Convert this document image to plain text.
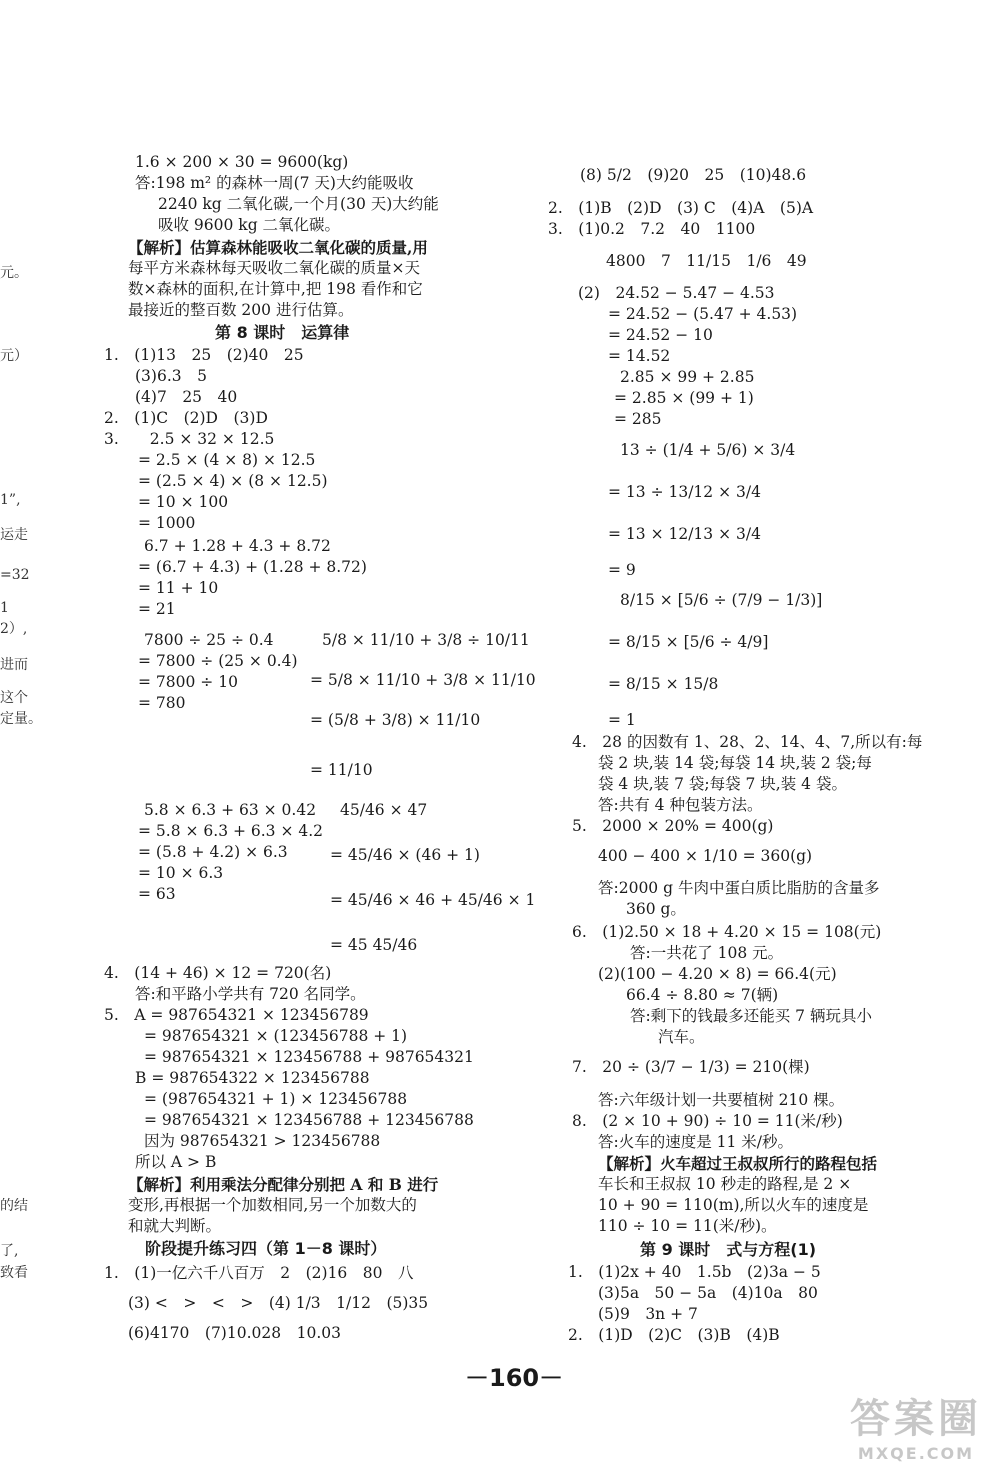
元。
元）
1”,
运走
=32
1
2）,
进而
这个
定量。
的结
了,
致看
1.6 × 200 × 30 = 9600(kg)
答:198 m² 的森林一周(7 天)大约能吸收
2240 kg 二氧化碳,一个月(30 天)大约能
吸收 9600 kg 二氧化碳。
【解析】估算森林能吸收二氧化碳的质量,用
每平方米森林每天吸收二氧化碳的质量×天
数×森林的面积,在计算中,把 198 看作和它
最接近的整百数 200 进行估算。
第 8 课时　运算律
1.　(1)13　25　(2)40　25
(3)6.3　5
(4)7　25　40
2.　(1)C　(2)D　(3)D
3.　　2.5 × 32 × 12.5
= 2.5 × (4 × 8) × 12.5
= (2.5 × 4) × (8 × 12.5)
= 10 × 100
= 1000
6.7 + 1.28 + 4.3 + 8.72
= (6.7 + 4.3) + (1.28 + 8.72)
= 11 + 10
= 21
7800 ÷ 25 ÷ 0.4
= 7800 ÷ (25 × 0.4)
= 7800 ÷ 10
= 780
5/8 × 11/10 + 3/8 ÷ 10/11
= 5/8 × 11/10 + 3/8 × 11/10
= (5/8 + 3/8) × 11/10
= 11/10
5.8 × 6.3 + 63 × 0.42
= 5.8 × 6.3 + 6.3 × 4.2
= (5.8 + 4.2) × 6.3
= 10 × 6.3
= 63
45/46 × 47
= 45/46 × (46 + 1)
= 45/46 × 46 + 45/46 × 1
= 45 45/46
4.　(14 + 46) × 12 = 720(名)
答:和平路小学共有 720 名同学。
5.　A = 987654321 × 123456789
= 987654321 × (123456788 + 1)
= 987654321 × 123456788 + 987654321
B = 987654322 × 123456788
= (987654321 + 1) × 123456788
= 987654321 × 123456788 + 123456788
因为 987654321 > 123456788
所以 A > B
【解析】利用乘法分配律分别把 A 和 B 进行
变形,再根据一个加数相同,另一个加数大的
和就大判断。
阶段提升练习四（第 1－8 课时）
1.　(1)一亿六千八百万　2　(2)16　80　八
(3) <　>　<　>　(4) 1/3　1/12　(5)35
(6)4170　(7)10.028　10.03
(8) 5/2　(9)20　25　(10)48.6
2.　(1)B　(2)D　(3) C　(4)A　(5)A
3.　(1)0.2　7.2　40　1100
4800　7　11/15　1/6　49
(2)　24.52 − 5.47 − 4.53
= 24.52 − (5.47 + 4.53)
= 24.52 − 10
= 14.52
2.85 × 99 + 2.85
= 2.85 × (99 + 1)
= 285
13 ÷ (1/4 + 5/6) × 3/4
= 13 ÷ 13/12 × 3/4
= 13 × 12/13 × 3/4
= 9
8/15 × [5/6 ÷ (7/9 − 1/3)]
= 8/15 × [5/6 ÷ 4/9]
= 8/15 × 15/8
= 1
4.　28 的因数有 1、28、2、14、4、7,所以有:每
袋 2 块,装 14 袋;每袋 14 块,装 2 袋;每
袋 4 块,装 7 袋;每袋 7 块,装 4 袋。
答:共有 4 种包装方法。
5.　2000 × 20% = 400(g)
400 − 400 × 1/10 = 360(g)
答:2000 g 牛肉中蛋白质比脂肪的含量多
360 g。
6.　(1)2.50 × 18 + 4.20 × 15 = 108(元)
答:一共花了 108 元。
(2)(100 − 4.20 × 8) = 66.4(元)
66.4 ÷ 8.80 ≈ 7(辆)
答:剩下的钱最多还能买 7 辆玩具小
汽车。
7.　20 ÷ (3/7 − 1/3) = 210(棵)
答:六年级计划一共要植树 210 棵。
8.　(2 × 10 + 90) ÷ 10 = 11(米/秒)
答:火车的速度是 11 米/秒。
【解析】火车超过王叔叔所行的路程包括
车长和王叔叔 10 秒走的路程,是 2 ×
10 + 90 = 110(m),所以火车的速度是
110 ÷ 10 = 11(米/秒)。
第 9 课时　式与方程(1)
1.　(1)2x + 40　1.5b　(2)3a − 5
(3)5a　50 − 5a　(4)10a　80
(5)9　3n + 7
2.　(1)D　(2)C　(3)B　(4)B
－160－
答案圈
MXQE.COM
